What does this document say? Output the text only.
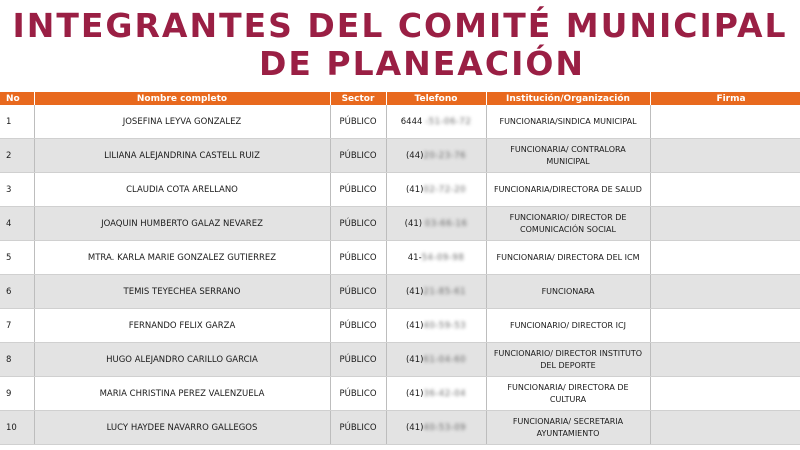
INTEGRANTES DEL COMITÉ MUNICIPAL
DE PLANEACIÓN
No	Nombre completo	Sector	Telefono	Institución/Organización	Firma
1	JOSEFINA LEYVA GONZALEZ	PÚBLICO	6444 -51-06-72	FUNCIONARIA/SINDICA MUNICIPAL	
2	LILIANA ALEJANDRINA CASTELL RUIZ	PÚBLICO	(44)20-23-76	FUNCIONARIA/ CONTRALORA MUNICIPAL	
3	CLAUDIA COTA ARELLANO	PÚBLICO	(41)02-72-20	FUNCIONARIA/DIRECTORA DE SALUD	
4	JOAQUIN HUMBERTO GALAZ NEVAREZ	PÚBLICO	(41) 03-66-16	FUNCIONARIO/ DIRECTOR DE COMUNICACIÓN SOCIAL	
5	MTRA. KARLA MARIE GONZALEZ GUTIERREZ	PÚBLICO	41-54-09-98	FUNCIONARIA/ DIRECTORA DEL ICM	
6	TEMIS TEYECHEA SERRANO	PÚBLICO	(41)21-85-61	FUNCIONARA	
7	FERNANDO FELIX GARZA	PÚBLICO	(41)40-59-53	FUNCIONARIO/ DIRECTOR ICJ	
8	HUGO ALEJANDRO CARILLO GARCIA	PÚBLICO	(41)61-04-60	FUNCIONARIO/ DIRECTOR INSTITUTO DEL DEPORTE	
9	MARIA CHRISTINA PEREZ VALENZUELA	PÚBLICO	(41)36-42-04	FUNCIONARIA/ DIRECTORA DE CULTURA	
10	LUCY HAYDEE NAVARRO GALLEGOS	PÚBLICO	(41)40-53-09	FUNCIONARIA/ SECRETARIA AYUNTAMIENTO	
